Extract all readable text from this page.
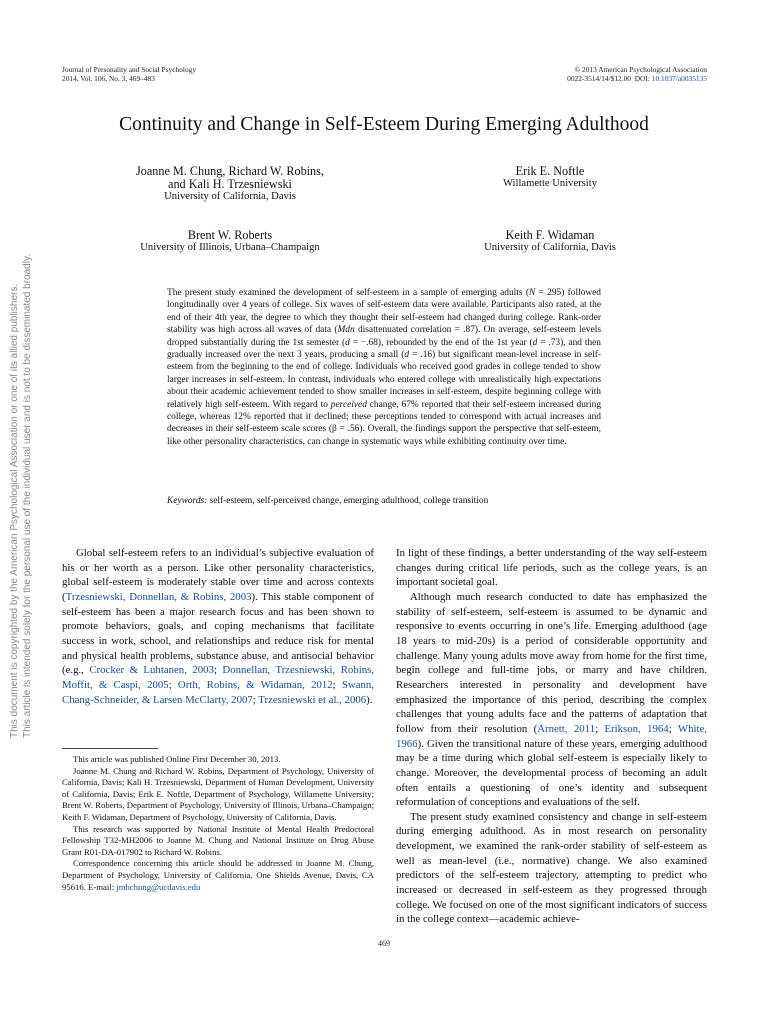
Journal of Personality and Social Psychology
2014, Vol. 106, No. 3, 469–483
© 2013 American Psychological Association
0022-3514/14/$12.00 DOI: 10.1037/a0035135
Continuity and Change in Self-Esteem During Emerging Adulthood
Joanne M. Chung, Richard W. Robins,
and Kali H. Trzesniewski
University of California, Davis
Erik E. Noftle
Willamette University
Brent W. Roberts
University of Illinois, Urbana–Champaign
Keith F. Widaman
University of California, Davis

The present study examined the development of self-esteem in a sample of emerging adults (N = 295) followed longitudinally over 4 years of college. Six waves of self-esteem data were available. Participants also rated, at the end of their 4th year, the degree to which they thought their self-esteem had changed during college. Rank-order stability was high across all waves of data (Mdn disattenuated correlation = .87). On average, self-esteem levels dropped substantially during the 1st semester (d = −.68), rebounded by the end of the 1st year (d = .73), and then gradually increased over the next 3 years, producing a small (d = .16) but significant mean-level increase in self-esteem from the beginning to the end of college. Individuals who received good grades in college tended to show larger increases in self-esteem. In contrast, individuals who entered college with unrealistically high expectations about their academic achievement tended to show smaller increases in self-esteem, despite beginning college with relatively high self-esteem. With regard to perceived change, 67% reported that their self-esteem increased during college, whereas 12% reported that it declined; these perceptions tended to correspond with actual increases and decreases in their self-esteem scale scores (β = .56). Overall, the findings support the perspective that self-esteem, like other personality characteristics, can change in systematic ways while exhibiting continuity over time.

Keywords: self-esteem, self-perceived change, emerging adulthood, college transition

Global self-esteem refers to an individual’s subjective evaluation of his or her worth as a person. Like other personality characteristics, global self-esteem is moderately stable over time and across contexts (Trzesniewski, Donnellan, & Robins, 2003). This stable component of self-esteem has been a major research focus and has been shown to promote behaviors, goals, and coping mechanisms that facilitate success in work, school, and relationships and reduce risk for mental and physical health problems, substance abuse, and antisocial behavior (e.g., Crocker & Luhtanen, 2003; Donnellan, Trzesniewski, Robins, Moffit, & Caspi, 2005; Orth, Robins, & Widaman, 2012; Swann, Chang-Schneider, & Larsen McClarty, 2007; Trzesniewski et al., 2006).

This article was published Online First December 30, 2013.

Joanne M. Chung and Richard W. Robins, Department of Psychology, University of California, Davis; Kali H. Trzesniewski, Department of Human Development, University of California, Davis; Erik E. Noftle, Department of Psychology, Willamette University; Brent W. Roberts, Department of Psychology, University of Illinois, Urbana–Champaign; Keith F. Widaman, Department of Psychology, University of California, Davis.

This research was supported by National Institute of Mental Health Predoctoral Fellowship T32-MH2006 to Joanne M. Chung and National Institute on Drug Abuse Grant R01-DA-017902 to Richard W. Robins.

Correspondence concerning this article should be addressed to Joanne M. Chung, Department of Psychology, University of California, One Shields Avenue, Davis, CA 95616. E-mail: jmhchung@ucdavis.edu

In light of these findings, a better understanding of the way self-esteem changes during critical life periods, such as the college years, is an important societal goal.

Although much research conducted to date has emphasized the stability of self-esteem, self-esteem is assumed to be dynamic and responsive to events occurring in one’s life. Emerging adulthood (age 18 years to mid-20s) is a period of considerable opportunity and challenge. Many young adults move away from home for the first time, begin college and full-time jobs, or marry and have children. Researchers interested in personality and development have emphasized the importance of this period, describing the complex challenges that young adults face and the patterns of adaptation that follow from their resolution (Arnett, 2011; Erikson, 1964; White, 1966). Given the transitional nature of these years, emerging adulthood may be a time during which global self-esteem is especially likely to change. Moreover, the developmental process of becoming an adult often entails a questioning of one’s identity and subsequent reformulation of conceptions and evaluations of the self.

The present study examined consistency and change in self-esteem during emerging adulthood. As in most research on personality development, we examined the rank-order stability of self-esteem as well as mean-level (i.e., normative) change. We also examined predictors of the self-esteem trajectory, attempting to predict who increased or decreased in self-esteem as they progressed through college. We focused on one of the most significant indicators of success in the college context—academic achieve-

469
This document is copyrighted by the American Psychological Association or one of its allied publishers. This article is intended solely for the personal use of the individual user and is not to be disseminated broadly.
